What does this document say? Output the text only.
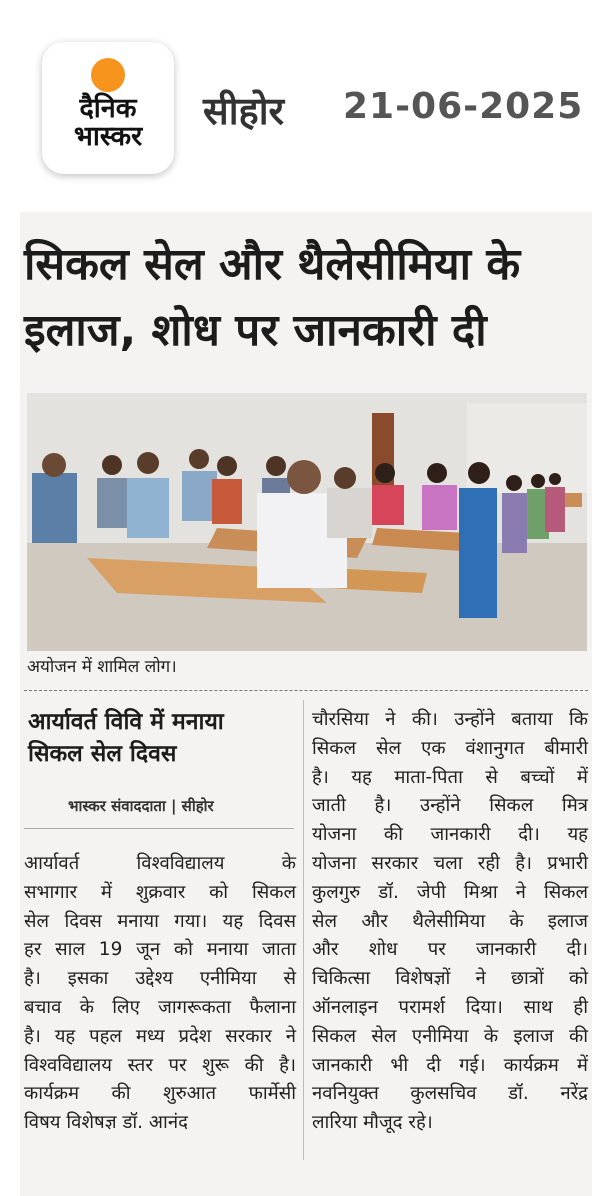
दैनिक
भास्कर
सीहोर 21-06-2025
सिकल सेल और थैलेसीमिया के
इलाज, शोध पर जानकारी दी
अयोजन में शामिल लोग।
आर्यावर्त विवि में मनाया
सिकल सेल दिवस
भास्कर संवाददाता | सीहोर
आर्यावर्त विश्वविद्यालय के
सभागार में शुक्रवार को सिकल
सेल दिवस मनाया गया। यह दिवस
हर साल 19 जून को मनाया जाता
है। इसका उद्देश्य एनीमिया से
बचाव के लिए जागरूकता फैलाना
है। यह पहल मध्य प्रदेश सरकार ने
विश्वविद्यालय स्तर पर शुरू की है।
कार्यक्रम की शुरुआत फार्मेसी
विषय विशेषज्ञ डॉ. आनंद
चौरसिया ने की। उन्होंने बताया कि
सिकल सेल एक वंशानुगत बीमारी
है। यह माता-पिता से बच्चों में
जाती है। उन्होंने सिकल मित्र
योजना की जानकारी दी। यह
योजना सरकार चला रही है। प्रभारी
कुलगुरु डॉ. जेपी मिश्रा ने सिकल
सेल और थैलेसीमिया के इलाज
और शोध पर जानकारी दी।
चिकित्सा विशेषज्ञों ने छात्रों को
ऑनलाइन परामर्श दिया। साथ ही
सिकल सेल एनीमिया के इलाज की
जानकारी भी दी गई। कार्यक्रम में
नवनियुक्त कुलसचिव डॉ. नरेंद्र
लारिया मौजूद रहे।
